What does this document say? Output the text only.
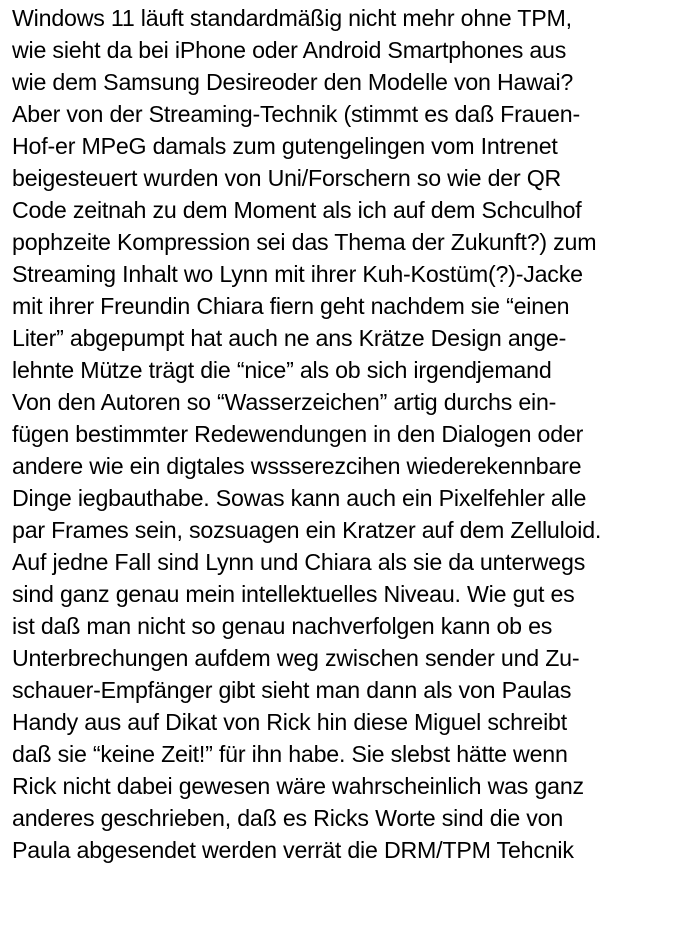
Windows 11 läuft standardmäßig nicht mehr ohne TPM,
wie sieht da bei iPhone oder Android Smartphones aus
wie dem Samsung Desireoder den Modelle von Hawai?
Aber von der Streaming-Technik (stimmt es daß Frauen-
Hof-er MPeG damals zum gutengelingen vom Intrenet
beigesteuert wurden von Uni/Forschern so wie der QR
Code zeitnah zu dem Moment als ich auf dem Schculhof
pophzeite Kompression sei das Thema der Zukunft?) zum
Streaming Inhalt wo Lynn mit ihrer Kuh-Kostüm(?)-Jacke
mit ihrer Freundin Chiara fiern geht nachdem sie “einen
Liter” abgepumpt hat auch ne ans Krätze Design ange-
lehnte Mütze trägt die “nice” als ob sich irgendjemand
Von den Autoren so “Wasserzeichen” artig durchs ein-
fügen bestimmter Redewendungen in den Dialogen oder
andere wie ein digtales wssserezcihen wiederekennbare
Dinge iegbauthabe. Sowas kann auch ein Pixelfehler alle
par Frames sein, sozsuagen ein Kratzer auf dem Zelluloid.
Auf jedne Fall sind Lynn und Chiara als sie da unterwegs
sind ganz genau mein intellektuelles Niveau. Wie gut es
ist daß man nicht so genau nachverfolgen kann ob es
Unterbrechungen aufdem weg zwischen sender und Zu-
schauer-Empfänger gibt sieht man dann als von Paulas
Handy aus auf Dikat von Rick hin diese Miguel schreibt
daß sie “keine Zeit!” für ihn habe. Sie slebst hätte wenn
Rick nicht dabei gewesen wäre wahrscheinlich was ganz
anderes geschrieben, daß es Ricks Worte sind die von
Paula abgesendet werden verrät die DRM/TPM Tehcnik
